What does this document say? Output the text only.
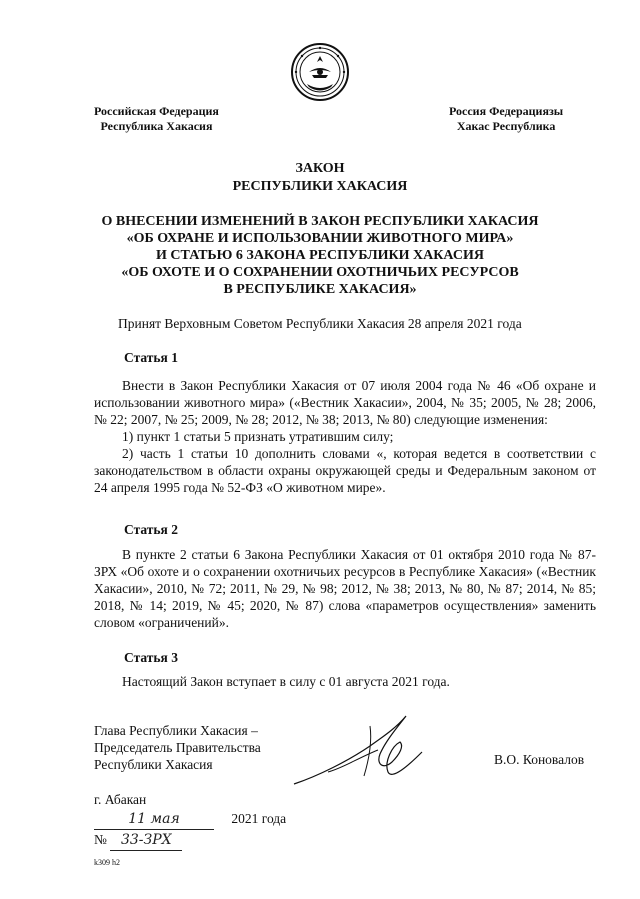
Российская Федерация
Республика Хакасия
Россия Федерациязы
Хакас Республика
ЗАКОН
РЕСПУБЛИКИ ХАКАСИЯ
О ВНЕСЕНИИ ИЗМЕНЕНИЙ В ЗАКОН РЕСПУБЛИКИ ХАКАСИЯ
«ОБ ОХРАНЕ И ИСПОЛЬЗОВАНИИ ЖИВОТНОГО МИРА»
И СТАТЬЮ 6 ЗАКОНА РЕСПУБЛИКИ ХАКАСИЯ
«ОБ ОХОТЕ И О СОХРАНЕНИИ ОХОТНИЧЬИХ РЕСУРСОВ
В РЕСПУБЛИКЕ ХАКАСИЯ»
Принят Верховным Советом Республики Хакасия 28 апреля 2021 года
Статья 1

Внести в Закон Республики Хакасия от 07 июля 2004 года № 46 «Об охране и использовании животного мира» («Вестник Хакасии», 2004, № 35; 2005, № 28; 2006, № 22; 2007, № 25; 2009, № 28; 2012, № 38; 2013, № 80) следующие изменения:

1) пункт 1 статьи 5 признать утратившим силу;

2) часть 1 статьи 10 дополнить словами «, которая ведется в соответствии с законодательством в области охраны окружающей среды и Федеральным законом от 24 апреля 1995 года № 52-ФЗ «О животном мире».

Статья 2

В пункте 2 статьи 6 Закона Республики Хакасия от 01 октября 2010 года № 87-ЗРХ «Об охоте и о сохранении охотничьих ресурсов в Республике Хакасия» («Вестник Хакасии», 2010, № 72; 2011, № 29, № 98; 2012, № 38; 2013, № 80, № 87; 2014, № 85; 2018, № 14; 2019, № 45; 2020, № 87) слова «параметров осуществления» заменить словом «ограничений».

Статья 3

Настоящий Закон вступает в силу с 01 августа 2021 года.

Глава Республики Хакасия –
Председатель Правительства
Республики Хакасия	В.О. Коновалов
г. Абакан
11 мая	2021 года
№ 33-ЗРХ
k309 h2
